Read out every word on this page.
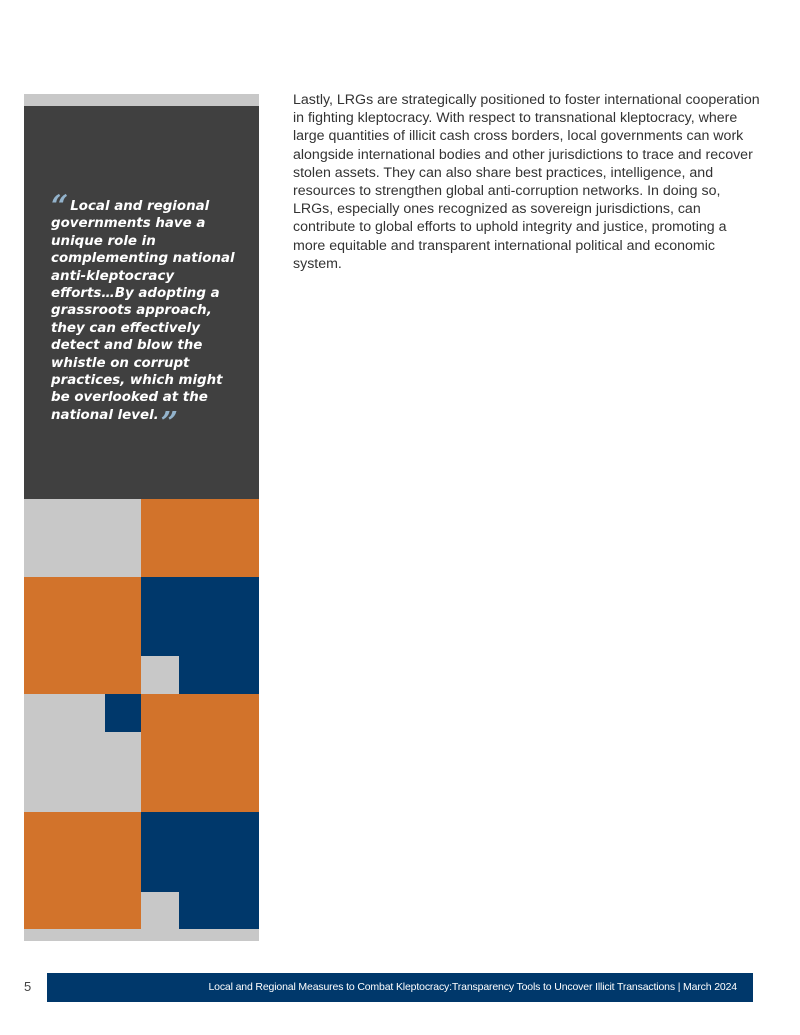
“ Local and regional governments have a unique role in complementing national anti-kleptocracy efforts…By adopting a grassroots approach, they can effectively detect and blow the whistle on corrupt practices, which might be overlooked at the national level.”

Lastly, LRGs are strategically positioned to foster international cooperation in fighting kleptocracy. With respect to transnational kleptocracy, where large quantities of illicit cash cross borders, local governments can work alongside international bodies and other jurisdictions to trace and recover stolen assets. They can also share best practices, intelligence, and resources to strengthen global anti-corruption networks. In doing so, LRGs, especially ones recognized as sovereign jurisdictions, can contribute to global efforts to uphold integrity and justice, promoting a more equitable and transparent international political and economic system.

5	Local and Regional Measures to Combat Kleptocracy:Transparency Tools to Uncover Illicit Transactions | March 2024
